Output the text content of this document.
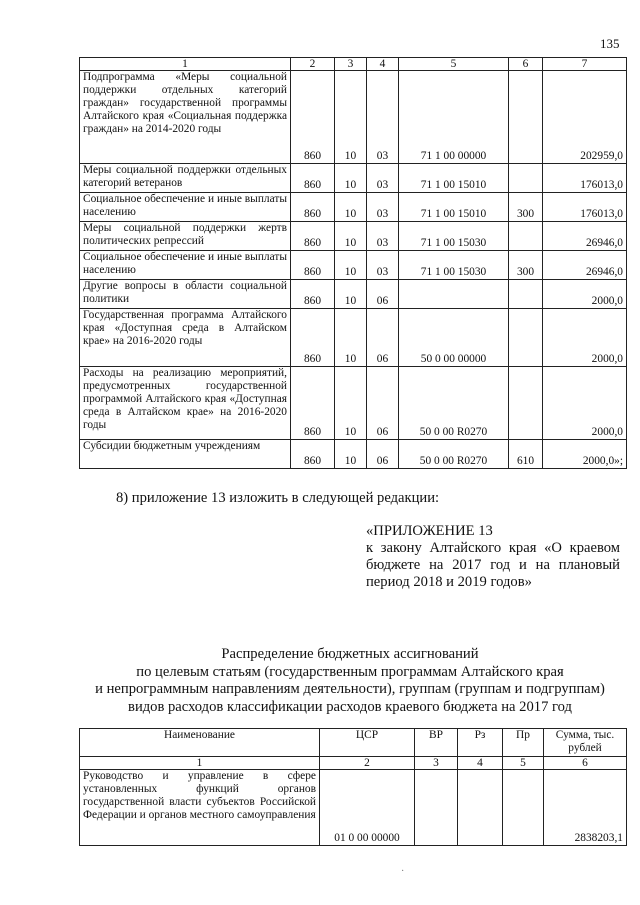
135
1	2	3	4	5	6	7
Подпрограмма «Меры социальной поддержки отдельных категорий граждан» государственной программы Алтайского края «Социальная поддержка граждан» на 2014-2020 годы	860	10	03	71 1 00 00000		202959,0
Меры социальной поддержки отдельных категорий ветеранов	860	10	03	71 1 00 15010		176013,0
Социальное обеспечение и иные выплаты населению	860	10	03	71 1 00 15010	300	176013,0
Меры социальной поддержки жертв политических репрессий	860	10	03	71 1 00 15030		26946,0
Социальное обеспечение и иные выплаты населению	860	10	03	71 1 00 15030	300	26946,0
Другие вопросы в области социальной политики	860	10	06			2000,0
Государственная программа Алтайского края «Доступная среда в Алтайском крае» на 2016-2020 годы	860	10	06	50 0 00 00000		2000,0
Расходы на реализацию мероприятий, предусмотренных государственной программой Алтайского края «Доступная среда в Алтайском крае» на 2016-2020 годы	860	10	06	50 0 00 R0270		2000,0
Субсидии бюджетным учреждениям	860	10	06	50 0 00 R0270	610	2000,0»;
8) приложение 13 изложить в следующей редакции:
«ПРИЛОЖЕНИЕ 13
к закону Алтайского края «О краевом бюджете на 2017 год и на плановый период 2018 и 2019 годов»
Распределение бюджетных ассигнований
по целевым статьям (государственным программам Алтайского края
и непрограммным направлениям деятельности), группам (группам и подгруппам)
видов расходов классификации расходов краевого бюджета на 2017 год
Наименование	ЦСР	ВР	Рз	Пр	Сумма, тыс. рублей
1	2	3	4	5	6
Руководство и управление в сфере установленных функций органов государственной власти субъектов Российской Федерации и органов местного самоуправления	01 0 00 00000				2838203,1
·
